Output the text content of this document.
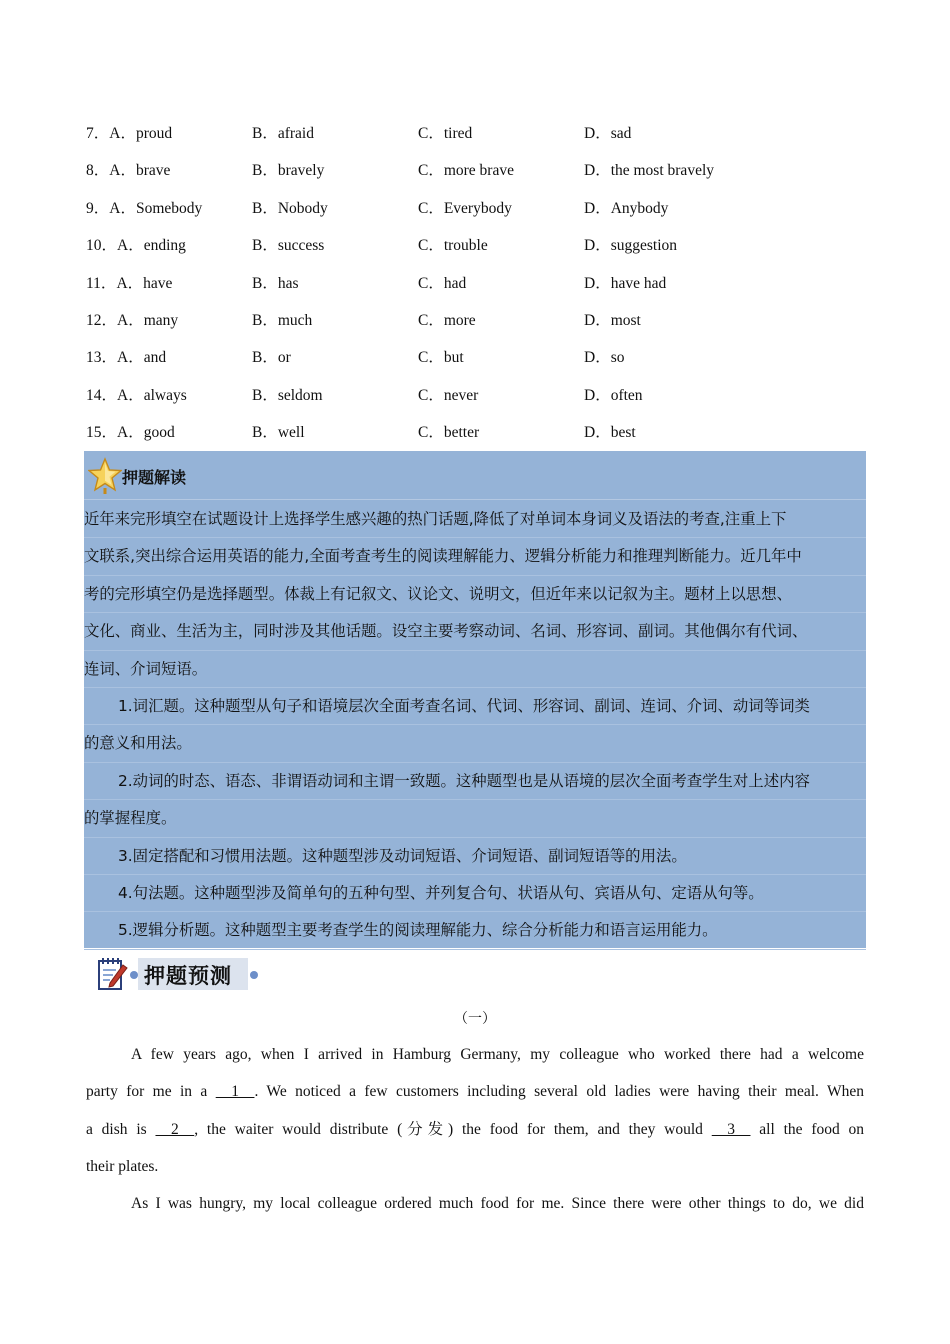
7．A．proud	B．afraid	C．tired	D．sad
8．A．brave	B．bravely	C．more brave	D．the most bravely
9．A．Somebody	B．Nobody	C．Everybody	D．Anybody
10．A．ending	B．success	C．trouble	D．suggestion
11．A．have	B．has	C．had	D．have had
12．A．many	B．much	C．more	D．most
13．A．and	B．or	C．but	D．so
14．A．always	B．seldom	C．never	D．often
15．A．good	B．well	C．better	D．best
押题解读
近年来完形填空在试题设计上选择学生感兴趣的热门话题,降低了对单词本身词义及语法的考查,注重上下
文联系,突出综合运用英语的能力,全面考查考生的阅读理解能力、逻辑分析能力和推理判断能力。近几年中
考的完形填空仍是选择题型。体裁上有记叙文、议论文、说明文，但近年来以记叙为主。题材上以思想、
文化、商业、生活为主，同时涉及其他话题。设空主要考察动词、名词、形容词、副词。其他偶尔有代词、
连词、介词短语。
1.词汇题。这种题型从句子和语境层次全面考查名词、代词、形容词、副词、连词、介词、动词等词类
的意义和用法。
2.动词的时态、语态、非谓语动词和主谓一致题。这种题型也是从语境的层次全面考查学生对上述内容
的掌握程度。
3.固定搭配和习惯用法题。这种题型涉及动词短语、介词短语、副词短语等的用法。
4.句法题。这种题型涉及简单句的五种句型、并列复合句、状语从句、宾语从句、定语从句等。
5.逻辑分析题。这种题型主要考查学生的阅读理解能力、综合分析能力和语言运用能力。
押题预测
（一）
A few years ago, when I arrived in Hamburg Germany, my colleague who worked there had a welcome
party for me in a     1    . We noticed a few customers including several old ladies were having their meal. When
a dish is     2    , the waiter would distribute (分发) the food for them, and they would     3     all the food on
their plates.
As I was hungry, my local colleague ordered much food for me. Since there were other things to do, we did
